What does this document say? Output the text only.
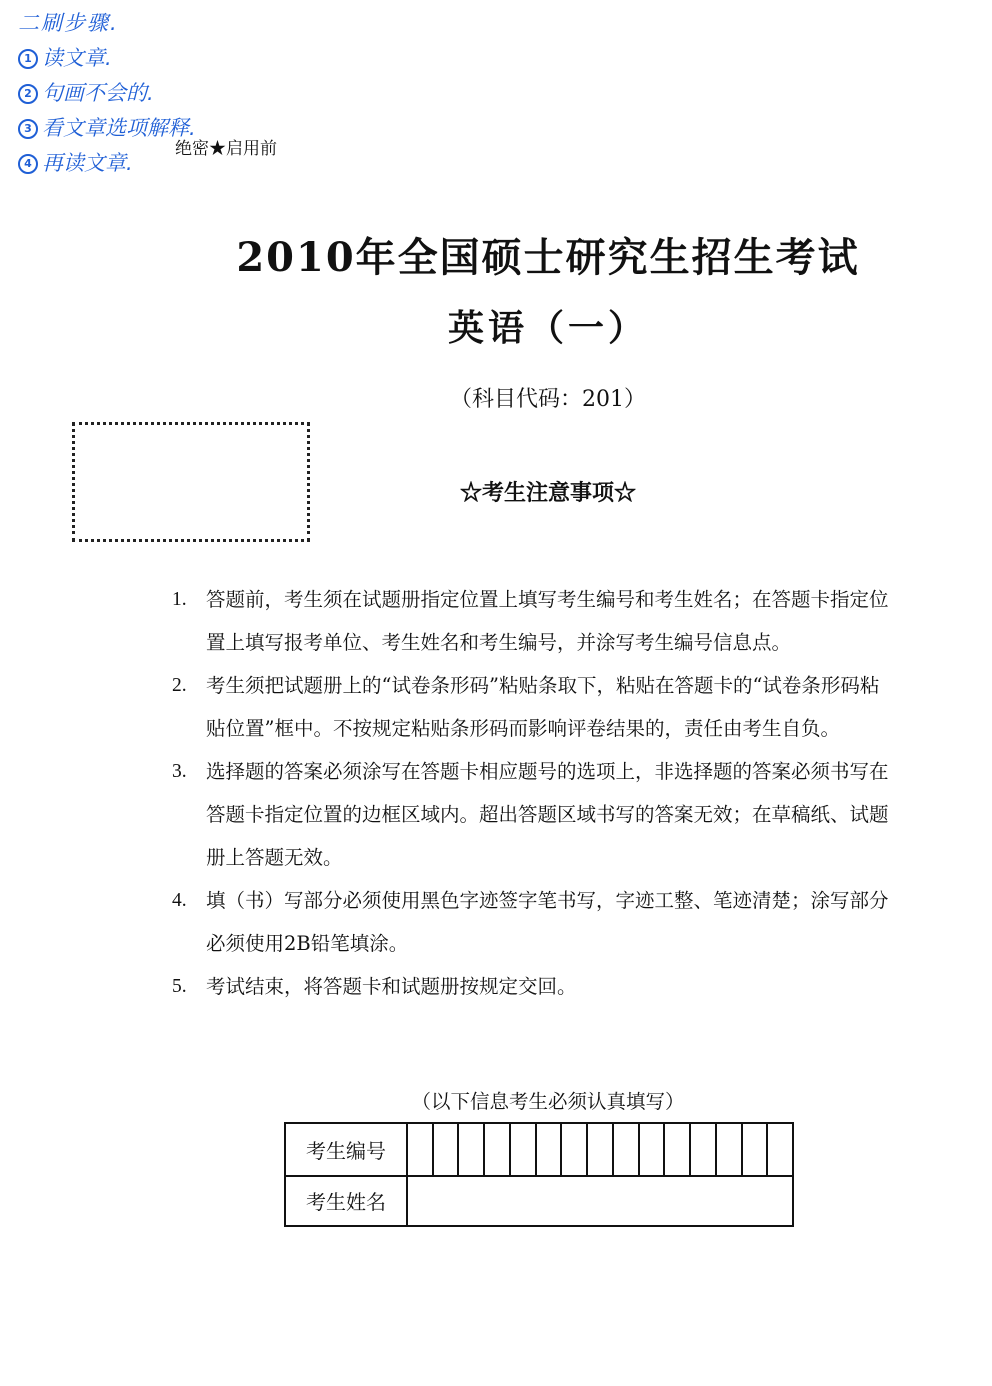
二刷步骤.
1 读文章.
2 句画不会的.
3 看文章选项解释.
4 再读文章.
绝密★启用前
2010年全国硕士研究生招生考试
英语（一）
（科目代码：201）
☆考生注意事项☆
1. 答题前，考生须在试题册指定位置上填写考生编号和考生姓名；在答题卡指定位置上填写报考单位、考生姓名和考生编号，并涂写考生编号信息点。
2. 考生须把试题册上的“试卷条形码”粘贴条取下，粘贴在答题卡的“试卷条形码粘贴位置”框中。不按规定粘贴条形码而影响评卷结果的，责任由考生自负。
3. 选择题的答案必须涂写在答题卡相应题号的选项上，非选择题的答案必须书写在答题卡指定位置的边框区域内。超出答题区域书写的答案无效；在草稿纸、试题册上答题无效。
4. 填（书）写部分必须使用黑色字迹签字笔书写，字迹工整、笔迹清楚；涂写部分必须使用2B铅笔填涂。
5. 考试结束，将答题卡和试题册按规定交回。
（以下信息考生必须认真填写）
考生编号
考生姓名
